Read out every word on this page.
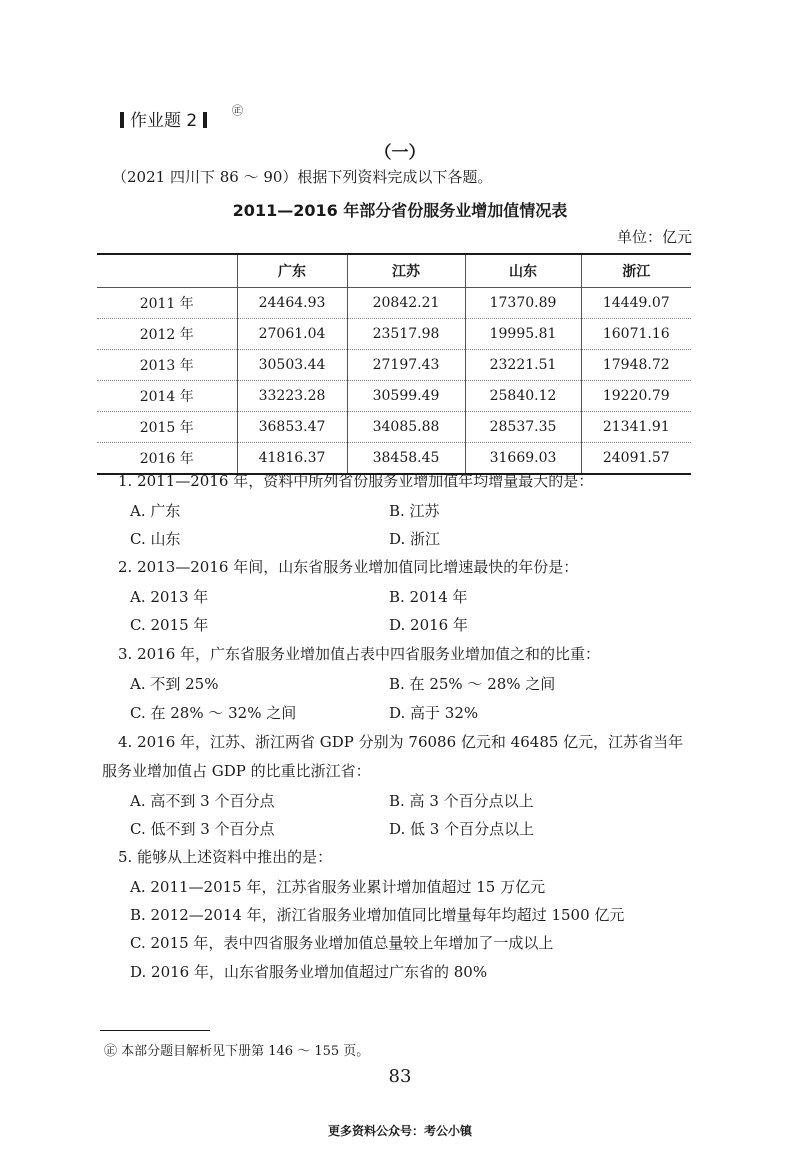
作业题 2
㊣
（一）
（2021 四川下 86 ～ 90）根据下列资料完成以下各题。
2011—2016 年部分省份服务业增加值情况表
单位：亿元
	广东	江苏	山东	浙江
2011 年	24464.93	20842.21	17370.89	14449.07
2012 年	27061.04	23517.98	19995.81	16071.16
2013 年	30503.44	27197.43	23221.51	17948.72
2014 年	33223.28	30599.49	25840.12	19220.79
2015 年	36853.47	34085.88	28537.35	21341.91
2016 年	41816.37	38458.45	31669.03	24091.57
1. 2011—2016 年，资料中所列省份服务业增加值年均增量最大的是：
A. 广东	B. 江苏
C. 山东	D. 浙江
2. 2013—2016 年间，山东省服务业增加值同比增速最快的年份是：
A. 2013 年	B. 2014 年
C. 2015 年	D. 2016 年
3. 2016 年，广东省服务业增加值占表中四省服务业增加值之和的比重：
A. 不到 25%	B. 在 25% ～ 28% 之间
C. 在 28% ～ 32% 之间	D. 高于 32%
4. 2016 年，江苏、浙江两省 GDP 分别为 76086 亿元和 46485 亿元，江苏省当年
服务业增加值占 GDP 的比重比浙江省：
A. 高不到 3 个百分点	B. 高 3 个百分点以上
C. 低不到 3 个百分点	D. 低 3 个百分点以上
5. 能够从上述资料中推出的是：
A. 2011—2015 年，江苏省服务业累计增加值超过 15 万亿元
B. 2012—2014 年，浙江省服务业增加值同比增量每年均超过 1500 亿元
C. 2015 年，表中四省服务业增加值总量较上年增加了一成以上
D. 2016 年，山东省服务业增加值超过广东省的 80%
㊣ 本部分题目解析见下册第 146 ～ 155 页。
83
更多资料公众号：考公小镇
